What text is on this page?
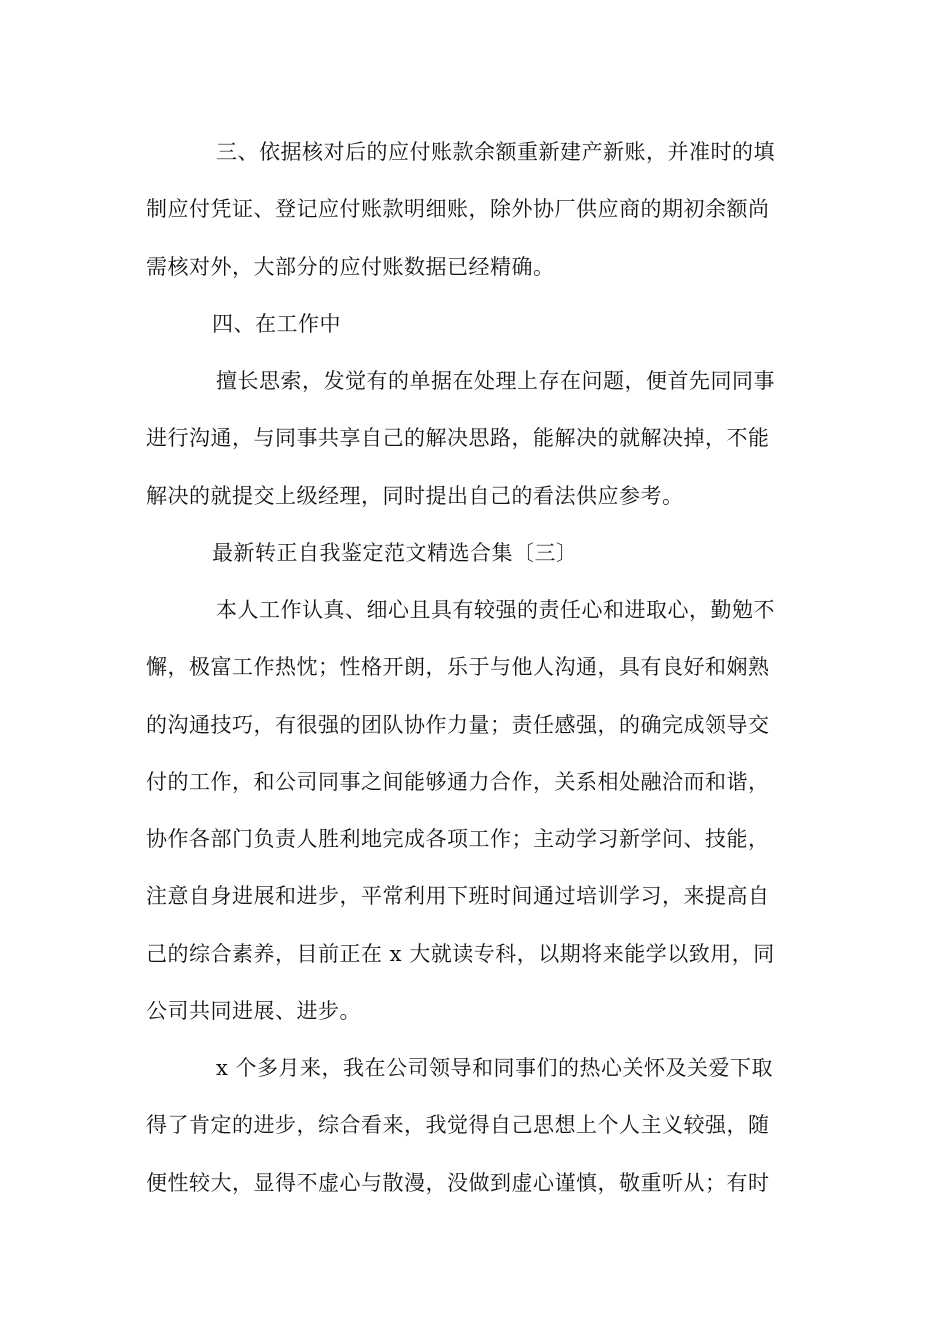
三、依据核对后的应付账款余额重新建产新账，并准时的填
制应付凭证、登记应付账款明细账，除外协厂供应商的期初余额尚
需核对外，大部分的应付账数据已经精确。
四、在工作中
擅长思索，发觉有的单据在处理上存在问题，便首先同同事
进行沟通，与同事共享自己的解决思路，能解决的就解决掉，不能
解决的就提交上级经理，同时提出自己的看法供应参考。
最新转正自我鉴定范文精选合集〔三〕
本人工作认真、细心且具有较强的责任心和进取心，勤勉不
懈，极富工作热忱；性格开朗，乐于与他人沟通，具有良好和娴熟
的沟通技巧，有很强的团队协作力量；责任感强，的确完成领导交
付的工作，和公司同事之间能够通力合作，关系相处融洽而和谐，
协作各部门负责人胜利地完成各项工作；主动学习新学问、技能，
注意自身进展和进步，平常利用下班时间通过培训学习，来提高自
己的综合素养，目前正在 x 大就读专科，以期将来能学以致用，同
公司共同进展、进步。
x 个多月来，我在公司领导和同事们的热心关怀及关爱下取
得了肯定的进步，综合看来，我觉得自己思想上个人主义较强，随
便性较大，显得不虚心与散漫，没做到虚心谨慎，敬重听从；有时
